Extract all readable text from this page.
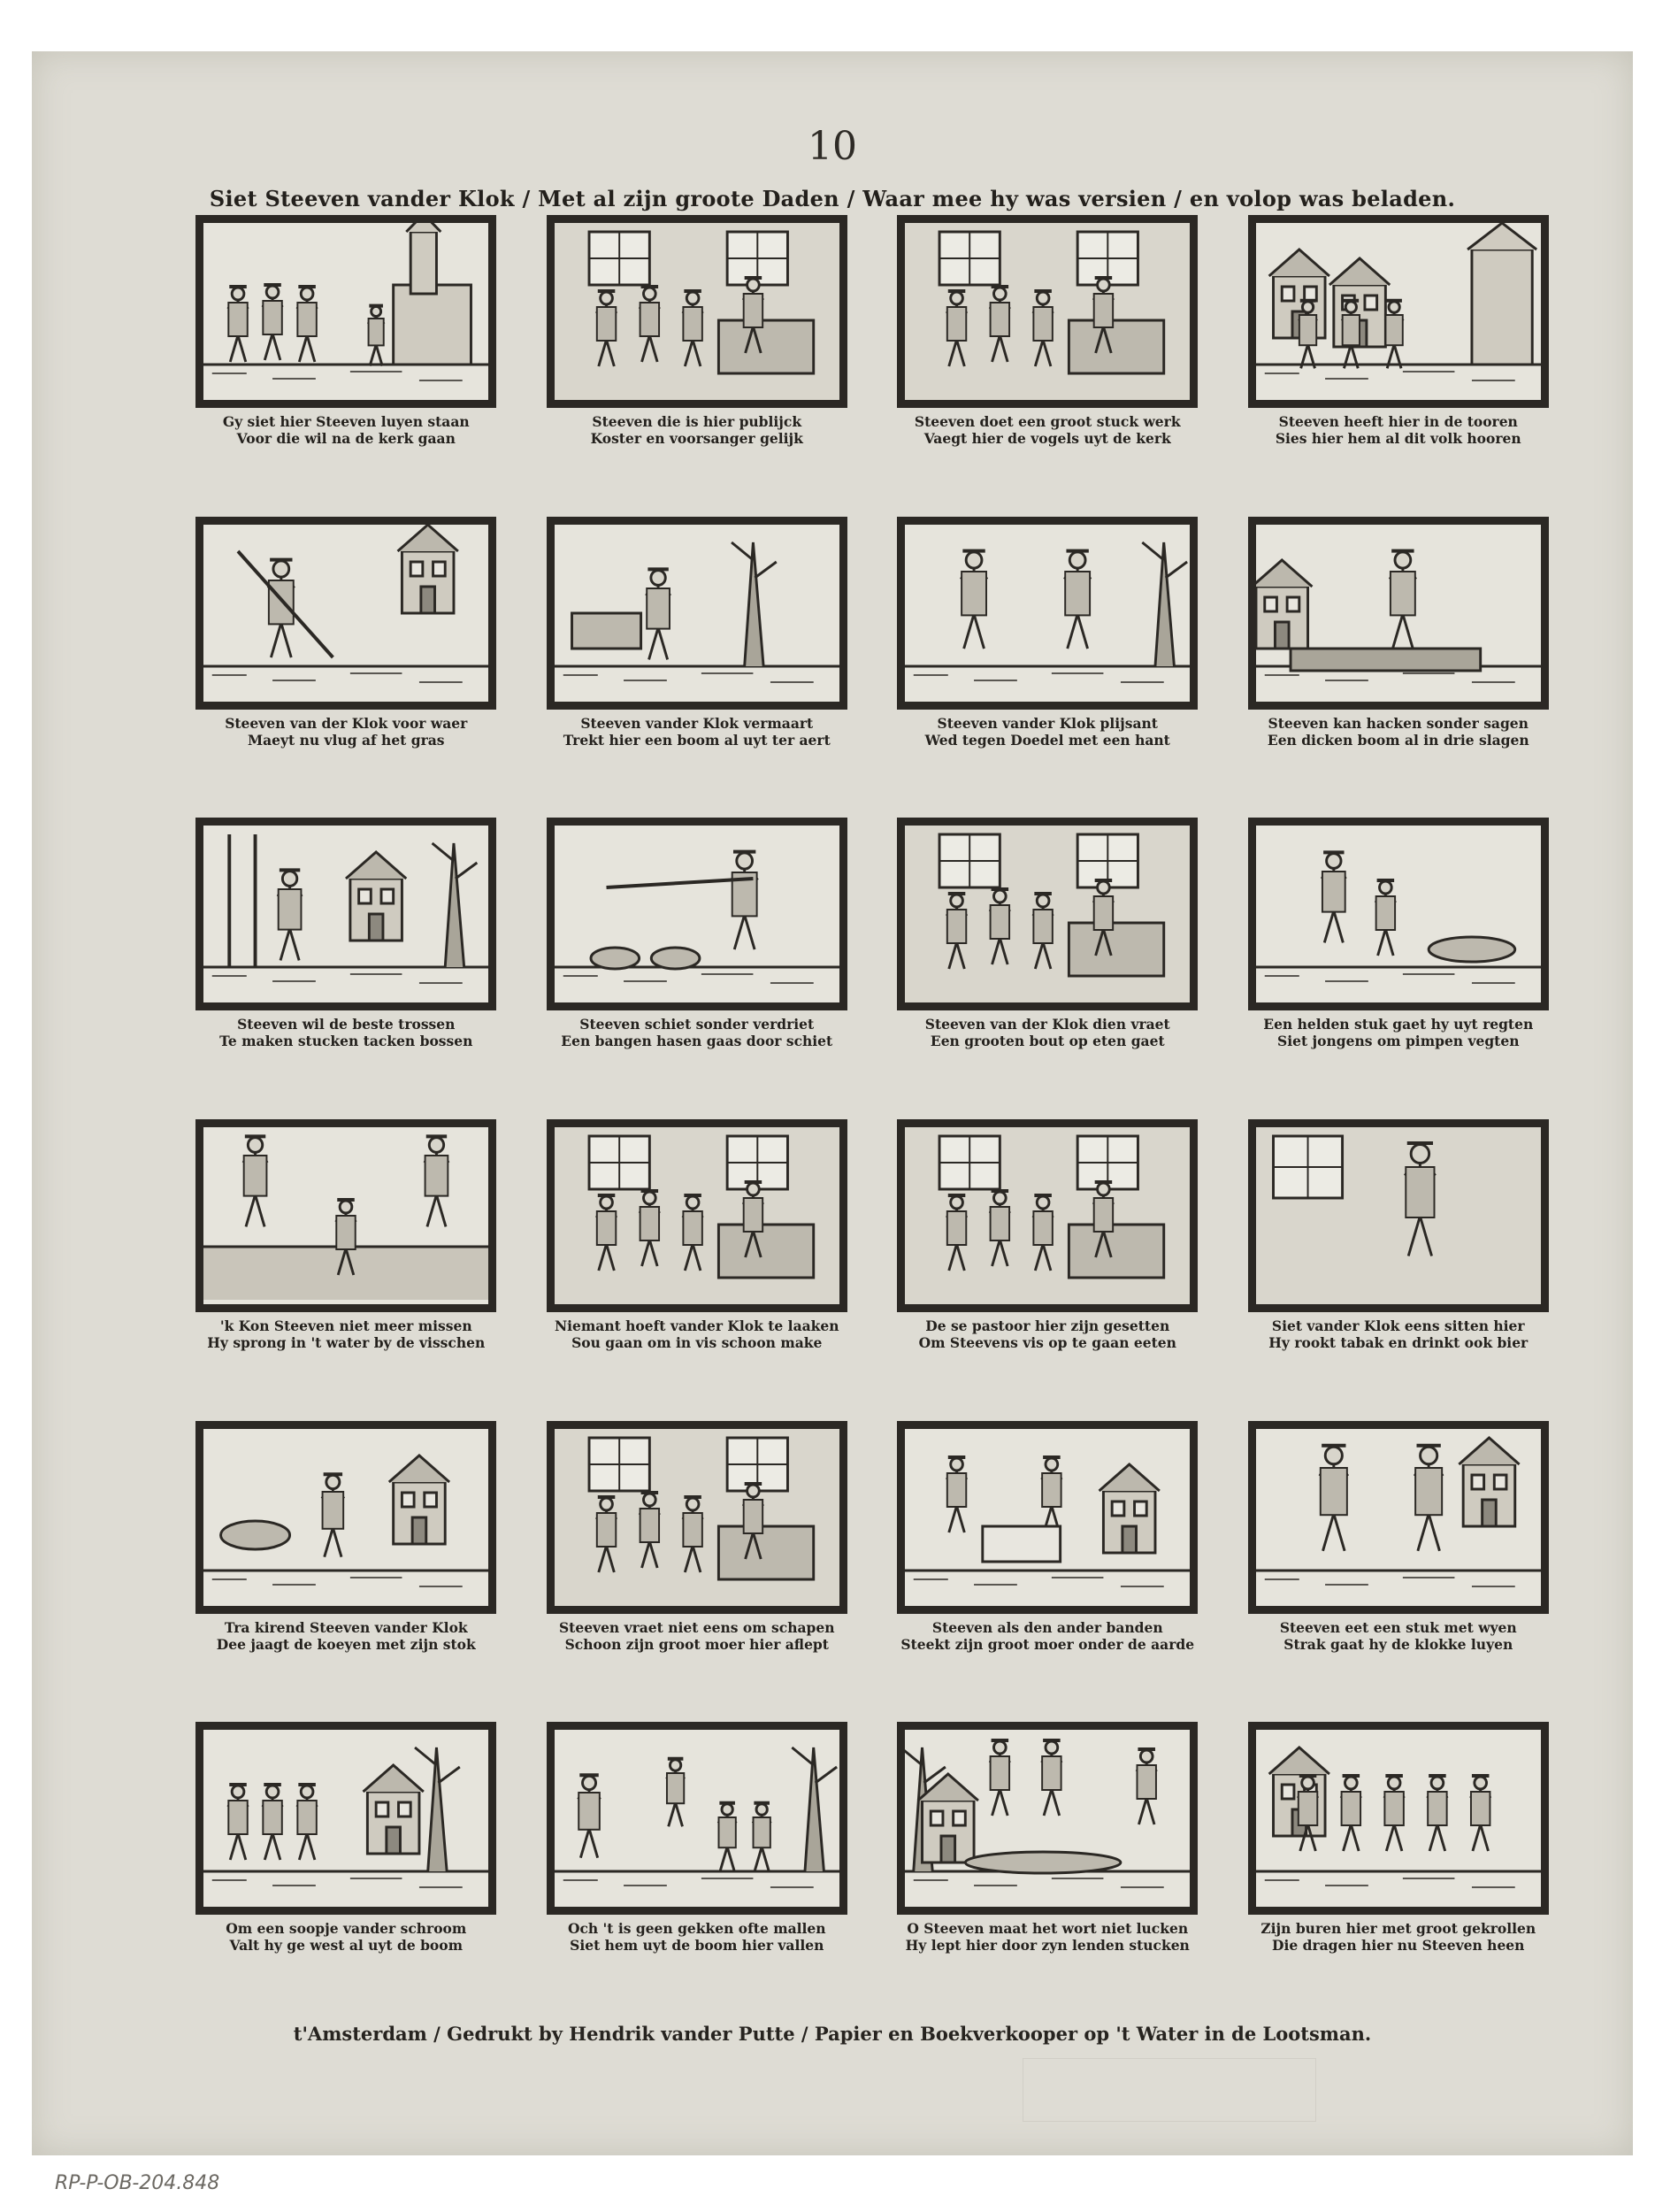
10
Siet Steeven vander Klok / Met al zijn groote Daden / Waar mee hy was versien / en volop was beladen.
Gy siet hier Steeven luyen staan
Voor die wil na de kerk gaan
Steeven die is hier publijck
Koster en voorsanger gelijk
Steeven doet een groot stuck werk
Vaegt hier de vogels uyt de kerk
Steeven heeft hier in de tooren
Sies hier hem al dit volk hooren
Steeven van der Klok voor waer
Maeyt nu vlug af het gras
Steeven vander Klok vermaart
Trekt hier een boom al uyt ter aert
Steeven vander Klok plijsant
Wed tegen Doedel met een hant
Steeven kan hacken sonder sagen
Een dicken boom al in drie slagen
Steeven wil de beste trossen
Te maken stucken tacken bossen
Steeven schiet sonder verdriet
Een bangen hasen gaas door schiet
Steeven van der Klok dien vraet
Een grooten bout op eten gaet
Een helden stuk gaet hy uyt regten
Siet jongens om pimpen vegten
'k Kon Steeven niet meer missen
Hy sprong in 't water by de visschen
Niemant hoeft vander Klok te laaken
Sou gaan om in vis schoon make
De se pastoor hier zijn gesetten
Om Steevens vis op te gaan eeten
Siet vander Klok eens sitten hier
Hy rookt tabak en drinkt ook bier
Tra kirend Steeven vander Klok
Dee jaagt de koeyen met zijn stok
Steeven vraet niet eens om schapen
Schoon zijn groot moer hier aflept
Steeven als den ander banden
Steekt zijn groot moer onder de aarde
Steeven eet een stuk met wyen
Strak gaat hy de klokke luyen
Om een soopje vander schroom
Valt hy ge west al uyt de boom
Och 't is geen gekken ofte mallen
Siet hem uyt de boom hier vallen
O Steeven maat het wort niet lucken
Hy lept hier door zyn lenden stucken
Zijn buren hier met groot gekrollen
Die dragen hier nu Steeven heen
t'Amsterdam / Gedrukt by Hendrik vander Putte / Papier en Boekverkooper op 't Water in de Lootsman.
RP-P-OB-204.848
